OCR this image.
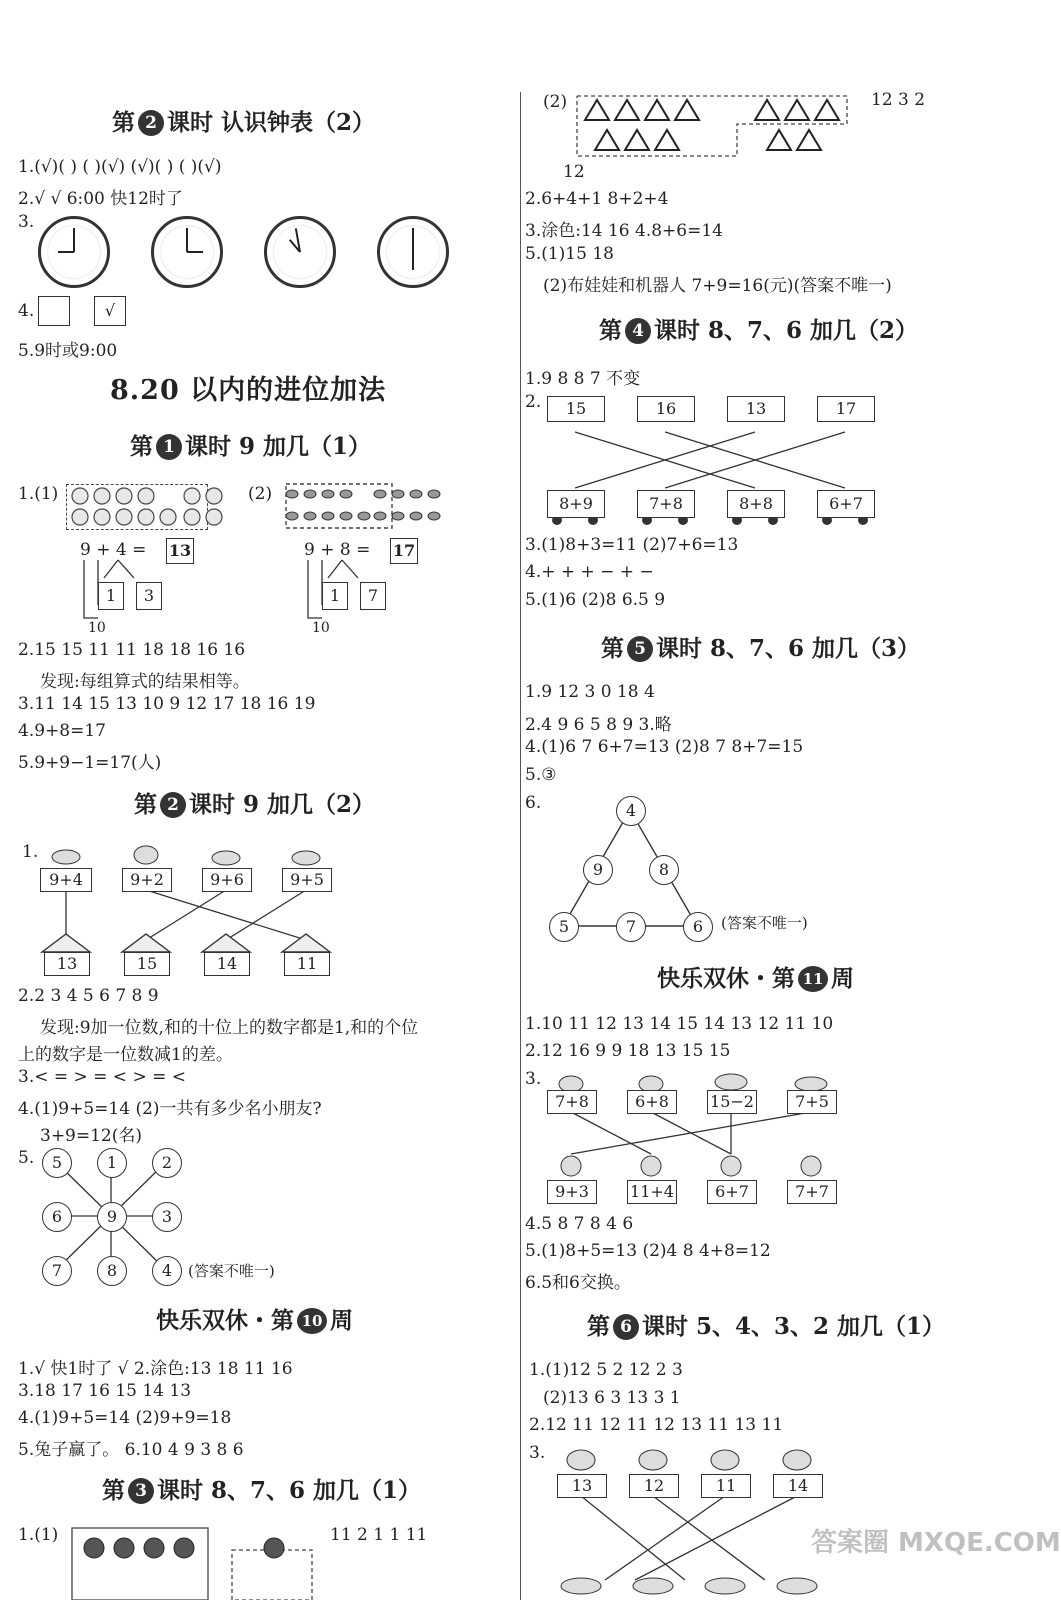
第 2 课时 认识钟表（2）
1.(√)( ) ( )(√) (√)( ) ( )(√)
2.√ √ 6:00 快12时了
3.
4.	√
5.9时或9:00
8.20 以内的进位加法
第 1 课时 9 加几（1）
1.(1)	(2)
9 + 4 = 13
1	3
10
9 + 8 = 17
1	7
10
2.15 15 11 11 18 18 16 16
发现:每组算式的结果相等。
3.11 14 15 13 10 9 12 17 18 16 19
4.9+8=17
5.9+9−1=17(人)
第 2 课时 9 加几（2）
1.
9+4	9+2	9+6	9+5
13	15	14	11
2.2 3 4 5 6 7 8 9
发现:9加一位数,和的十位上的数字都是1,和的个位
上的数字是一位数减1的差。
3.< = > = < > = <
4.(1)9+5=14 (2)一共有多少名小朋友?
3+9=12(名)
5.
9
5	1	2
6	3
7	8	4	(答案不唯一)
快乐双休・第 10 周
1.√ 快1时了 √ 2.涂色:13 18 11 16
3.18 17 16 15 14 13
4.(1)9+5=14 (2)9+9=18
5.兔子赢了。 6.10 4 9 3 8 6
第 3 课时 8、7、6 加几（1）
1.(1)	11 2 1 1 11
(2)	12 3 2
12
2.6+4+1 8+2+4
3.涂色:14 16 4.8+6=14
5.(1)15 18
(2)布娃娃和机器人 7+9=16(元)(答案不唯一)
第 4 课时 8、7、6 加几（2）
1.9 8 8 7 不变
2.	15	16	13	17
8+9	7+8	8+8	6+7
3.(1)8+3=11 (2)7+6=13
4.+ + + − + −
5.(1)6 (2)8 6.5 9
第 5 课时 8、7、6 加几（3）
1.9 12 3 0 18 4
2.4 9 6 5 8 9 3.略
4.(1)6 7 6+7=13 (2)8 7 8+7=15
5.③
6.	4
9	8
5	7	6	(答案不唯一)
快乐双休・第 11 周
1.10 11 12 13 14 15 14 13 12 11 10
2.12 16 9 9 18 13 15 15
3.
7+8	6+8	15−2	7+5
9+3	11+4	6+7	7+7
4.5 8 7 8 4 6
5.(1)8+5=13 (2)4 8 4+8=12
6.5和6交换。
第 6 课时 5、4、3、2 加几（1）
1.(1)12 5 2 12 2 3
(2)13 6 3 13 3 1
2.12 11 12 11 12 13 11 13 11
3.
13	12	11	14
答案圈 MXQE.COM
